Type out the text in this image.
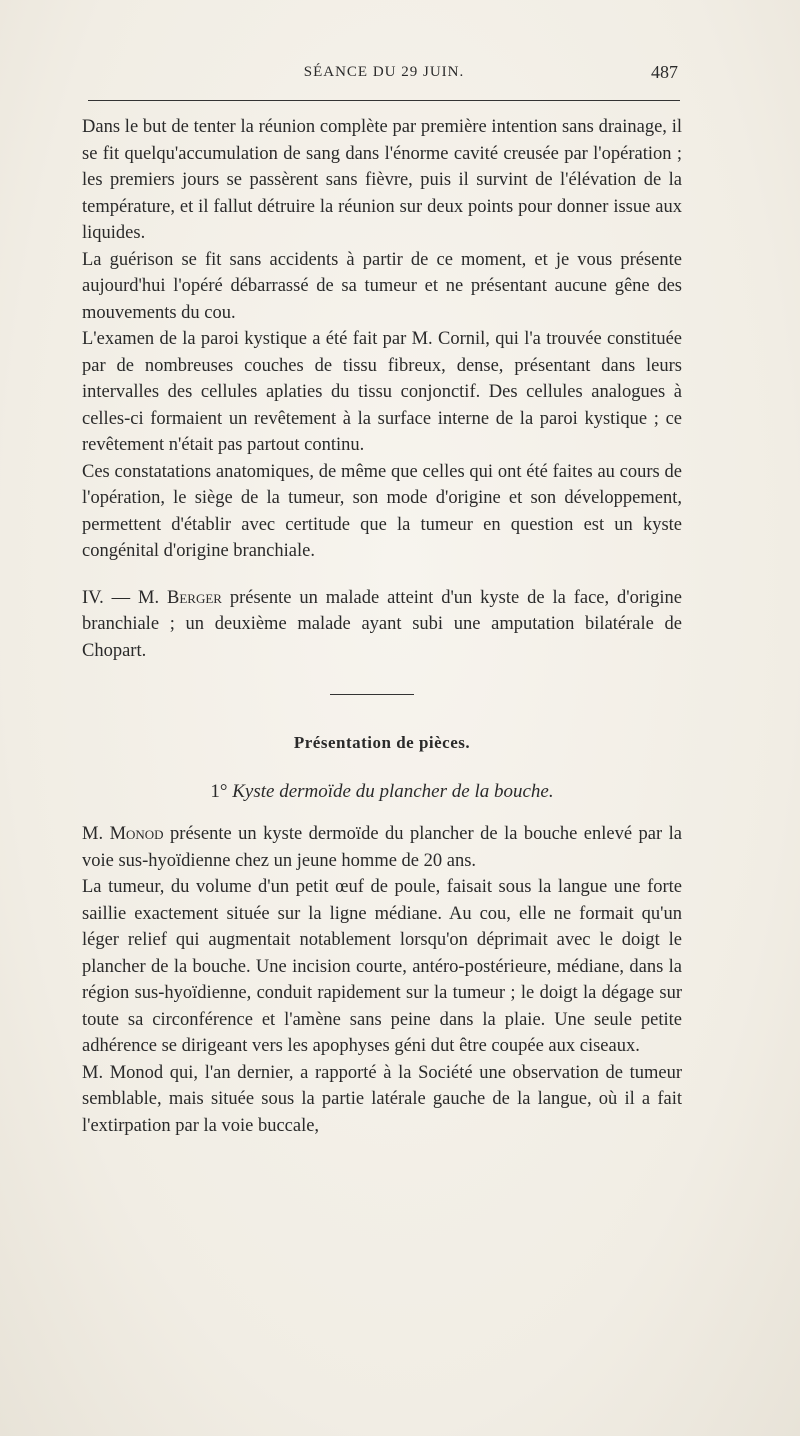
SÉANCE DU 29 JUIN.	487

Dans le but de tenter la réunion complète par première intention sans drainage, il se fit quelqu'accumulation de sang dans l'énorme cavité creusée par l'opération ; les premiers jours se passèrent sans fièvre, puis il survint de l'élévation de la température, et il fallut détruire la réunion sur deux points pour donner issue aux liquides.

La guérison se fit sans accidents à partir de ce moment, et je vous présente aujourd'hui l'opéré débarrassé de sa tumeur et ne présentant aucune gêne des mouvements du cou.

L'examen de la paroi kystique a été fait par M. Cornil, qui l'a trouvée constituée par de nombreuses couches de tissu fibreux, dense, présentant dans leurs intervalles des cellules aplaties du tissu conjonctif. Des cellules analogues à celles-ci formaient un revêtement à la surface interne de la paroi kystique ; ce revêtement n'était pas partout continu.

Ces constatations anatomiques, de même que celles qui ont été faites au cours de l'opération, le siège de la tumeur, son mode d'origine et son développement, permettent d'établir avec certitude que la tumeur en question est un kyste congénital d'origine branchiale.

IV. — M. Berger présente un malade atteint d'un kyste de la face, d'origine branchiale ; un deuxième malade ayant subi une amputation bilatérale de Chopart.

Présentation de pièces.
1° Kyste dermoïde du plancher de la bouche.

M. Monod présente un kyste dermoïde du plancher de la bouche enlevé par la voie sus-hyoïdienne chez un jeune homme de 20 ans.

La tumeur, du volume d'un petit œuf de poule, faisait sous la langue une forte saillie exactement située sur la ligne médiane. Au cou, elle ne formait qu'un léger relief qui augmentait notablement lorsqu'on déprimait avec le doigt le plancher de la bouche. Une incision courte, antéro-postérieure, médiane, dans la région sus-hyoïdienne, conduit rapidement sur la tumeur ; le doigt la dégage sur toute sa circonférence et l'amène sans peine dans la plaie. Une seule petite adhérence se dirigeant vers les apophyses géni dut être coupée aux ciseaux.

M. Monod qui, l'an dernier, a rapporté à la Société une observation de tumeur semblable, mais située sous la partie latérale gauche de la langue, où il a fait l'extirpation par la voie buccale,
